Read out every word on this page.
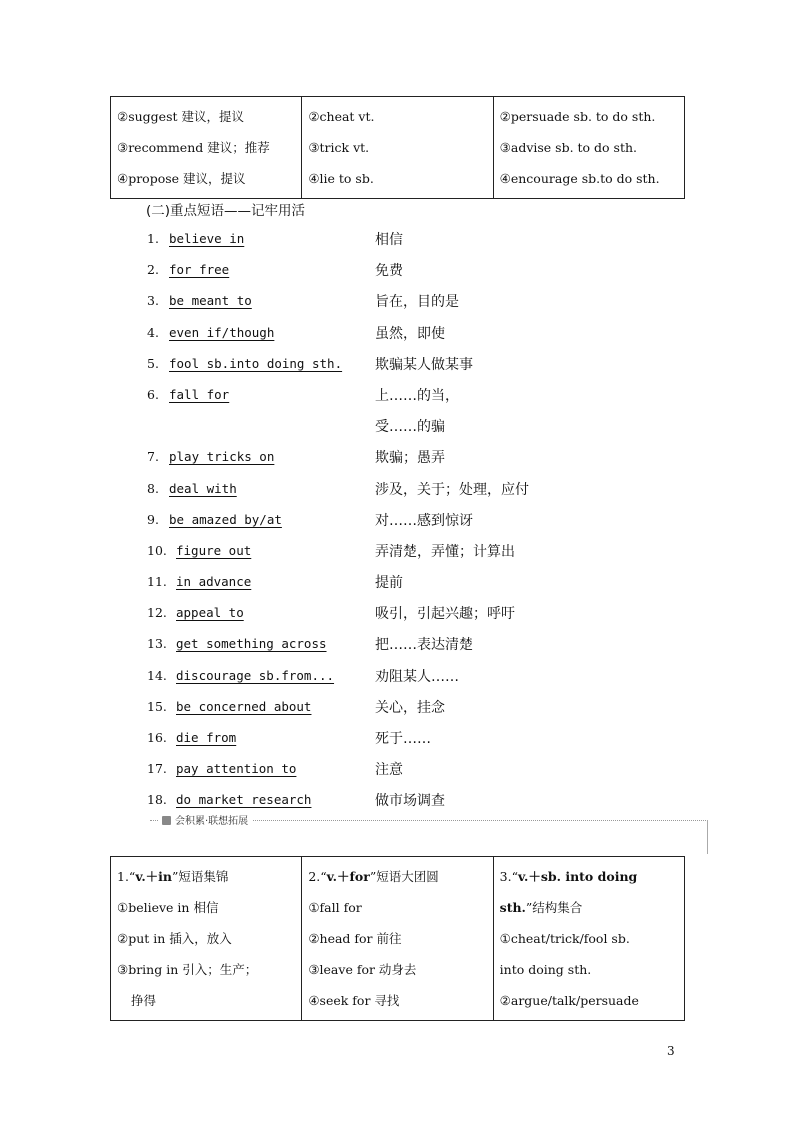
②suggest 建议，提议
③recommend 建议；推荐
④propose 建议，提议

②cheat vt.
③trick vt.
④lie to sb.

②persuade sb. to do sth.
③advise sb. to do sth.
④encourage sb.to do sth.
(二)重点短语——记牢用活
1. believe in	相信
2. for free	免费
3. be meant to	旨在，目的是
4. even if/though	虽然，即使
5. fool sb.into doing sth. 欺骗某人做某事
6. fall for	上……的当，
受……的骗
7. play tricks on	欺骗；愚弄
8. deal with	涉及，关于；处理，应付
9. be amazed by/at	对……感到惊讶
10. figure out	弄清楚，弄懂；计算出
11. in advance	提前
12. appeal to	吸引，引起兴趣；呼吁
13. get something across	把……表达清楚
14. discourage sb.from...	劝阻某人……
15. be concerned about	关心，挂念
16. die from	死于……
17. pay attention to	注意
18. do market research	做市场调查
会积累·联想拓展
1.“v.＋in”短语集锦
①believe in 相信
②put in 插入，放入
③bring in 引入；生产；
挣得

2.“v.＋for”短语大团圆
①fall for
②head for 前往
③leave for 动身去
④seek for 寻找

3.“v.＋sb. into doing
sth.”结构集合
①cheat/trick/fool sb.
into doing sth.
②argue/talk/persuade
3
